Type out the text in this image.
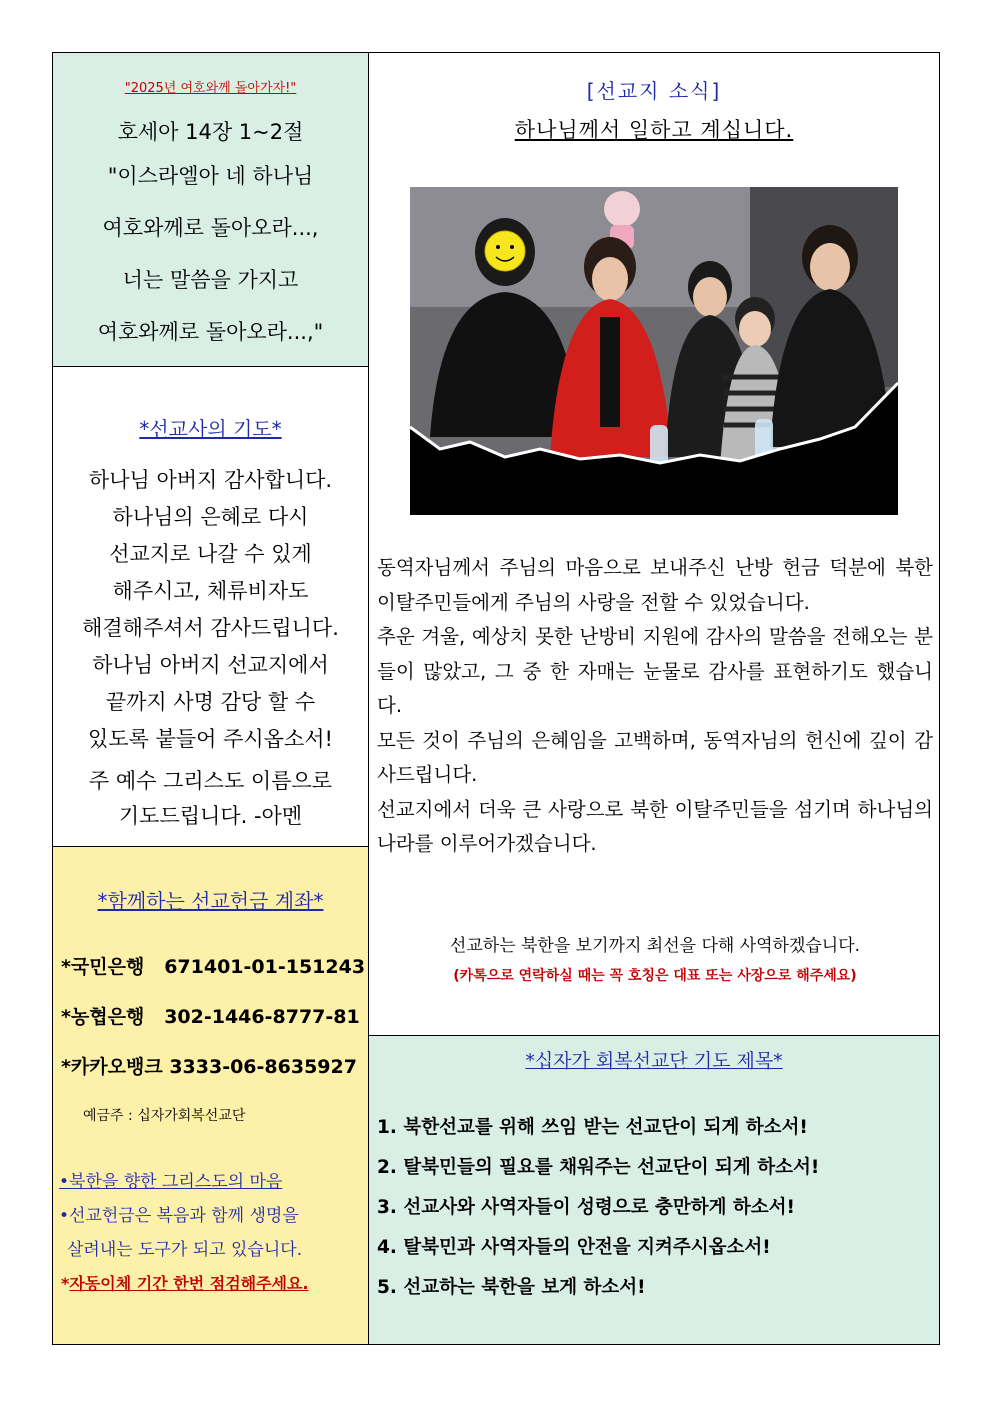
"2025년 여호와께 돌아가자!"
호세아 14장 1~2절
"이스라엘아 네 하나님
여호와께로 돌아오라...,
너는 말씀을 가지고
여호와께로 돌아오라...,"
*선교사의 기도*
하나님 아버지 감사합니다.
하나님의 은혜로 다시
선교지로 나갈 수 있게
해주시고, 체류비자도
해결해주셔서 감사드립니다.
하나님 아버지 선교지에서
끝까지 사명 감당 할 수
있도록 붙들어 주시옵소서!
주 예수 그리스도 이름으로
기도드립니다. -아멘
*함께하는 선교헌금 계좌*
*국민은행   671401-01-151243
*농협은행   302-1446-8777-81
*카카오뱅크 3333-06-8635927
예금주 : 십자가회복선교단
•북한을 향한 그리스도의 마음
•선교헌금은 복음과 함께 생명을
살려내는 도구가 되고 있습니다.
*자동이체 기간 한번 점검해주세요.
[선교지 소식]
하나님께서 일하고 계십니다.
동역자님께서 주님의 마음으로 보내주신 난방 헌금 덕분에 북한 이탈주민들에게 주님의 사랑을 전할 수 있었습니다.
추운 겨울, 예상치 못한 난방비 지원에 감사의 말씀을 전해오는 분들이 많았고, 그 중 한 자매는 눈물로 감사를 표현하기도 했습니다.
모든 것이 주님의 은혜임을 고백하며, 동역자님의 헌신에 깊이 감사드립니다.
선교지에서 더욱 큰 사랑으로 북한 이탈주민들을 섬기며 하나님의 나라를 이루어가겠습니다.
선교하는 북한을 보기까지 최선을 다해 사역하겠습니다.
(카톡으로 연락하실 때는 꼭 호칭은 대표 또는 사장으로 해주세요)
*십자가 회복선교단 기도 제목*
1. 북한선교를 위해 쓰임 받는 선교단이 되게 하소서!
2. 탈북민들의 필요를 채워주는 선교단이 되게 하소서!
3. 선교사와 사역자들이 성령으로 충만하게 하소서!
4. 탈북민과 사역자들의 안전을 지켜주시옵소서!
5. 선교하는 북한을 보게 하소서!
